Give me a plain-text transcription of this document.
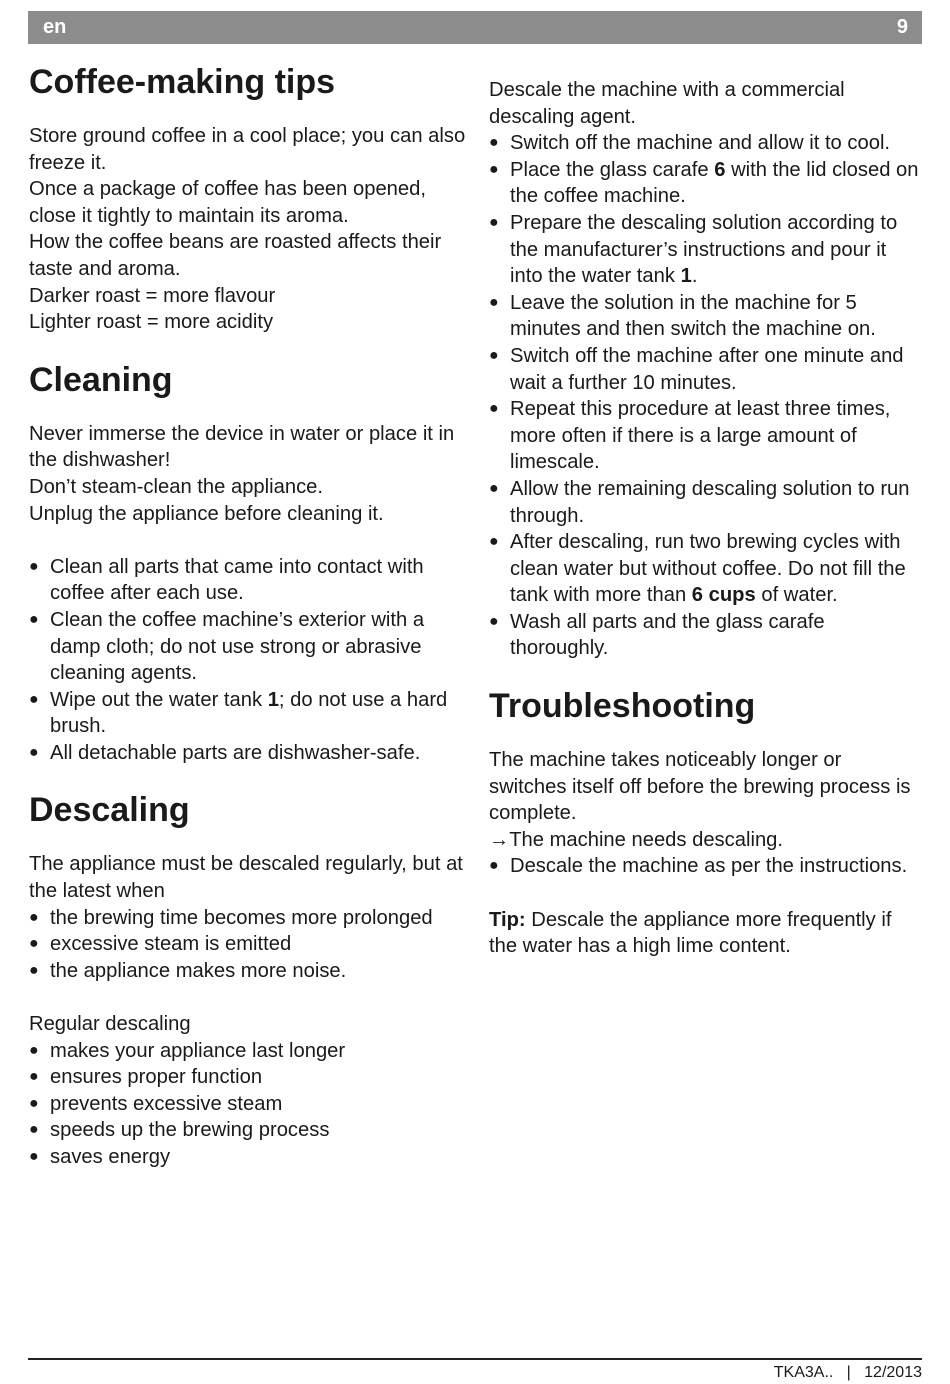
en	9
Coffee-making tips

Store ground coffee in a cool place; you can also freeze it.

Once a package of coffee has been opened, close it tightly to maintain its aroma.

How the coffee beans are roasted affects their taste and aroma.

Darker roast = more flavour

Lighter roast = more acidity

Cleaning

Never immerse the device in water or place it in the dishwasher!

Don’t steam-clean the appliance.

Unplug the appliance before cleaning it.

● Clean all parts that came into contact with coffee after each use.
● Clean the coffee machine’s exterior with a damp cloth; do not use strong or abrasive cleaning agents.
● Wipe out the water tank 1; do not use a hard brush.
● All detachable parts are dishwasher-safe.
Descaling

The appliance must be descaled regularly, but at the latest when

● the brewing time becomes more prolonged
● excessive steam is emitted
● the appliance makes more noise.

Regular descaling

● makes your appliance last longer
● ensures proper function
● prevents excessive steam
● speeds up the brewing process
● saves energy

Descale the machine with a commercial descaling agent.

● Switch off the machine and allow it to cool.
● Place the glass carafe 6 with the lid closed on the coffee machine.
● Prepare the descaling solution according to the manufacturer’s instructions and pour it into the water tank 1.
● Leave the solution in the machine for 5 minutes and then switch the machine on.
● Switch off the machine after one minute and wait a further 10 minutes.
● Repeat this procedure at least three times, more often if there is a large amount of limescale.
● Allow the remaining descaling solution to run through.
● After descaling, run two brewing cycles with clean water but without coffee. Do not fill the tank with more than 6 cups of water.
● Wash all parts and the glass carafe thoroughly.
Troubleshooting

The machine takes noticeably longer or switches itself off before the brewing process is complete.

→The machine needs descaling.

● Descale the machine as per the instructions.

Tip: Descale the appliance more frequently if the water has a high lime content.

TKA3A..   |   12/2013
